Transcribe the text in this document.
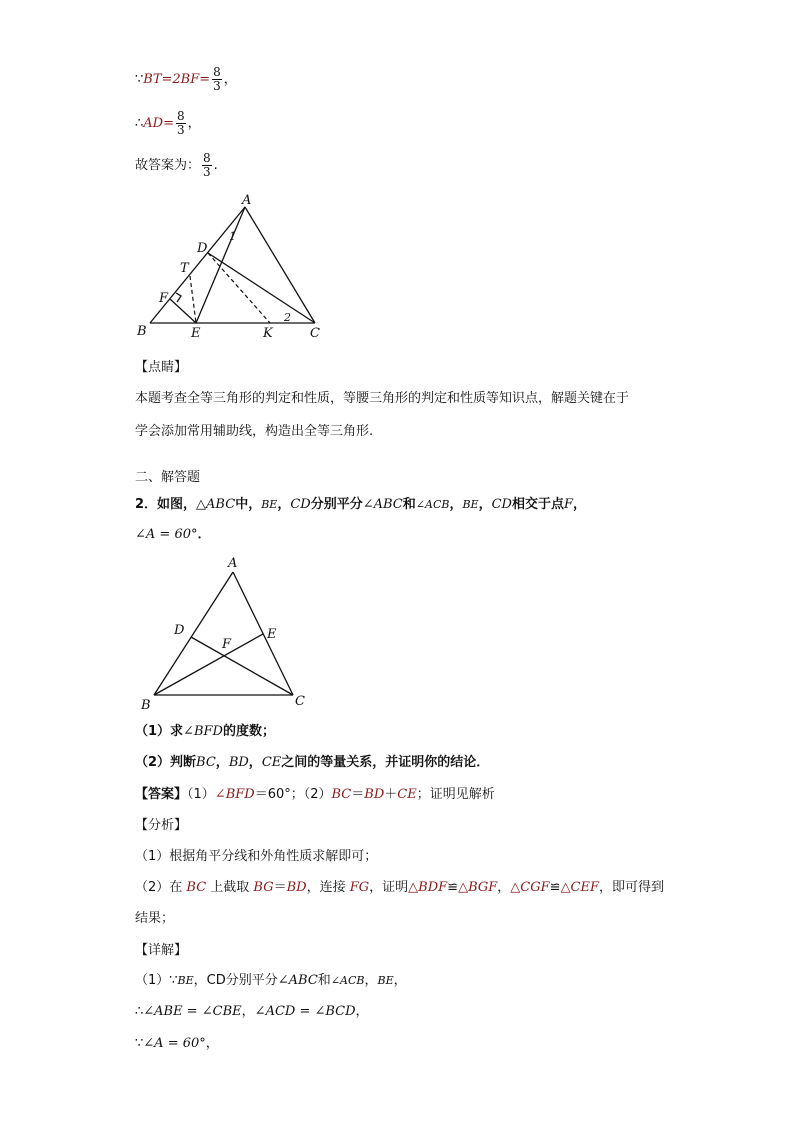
∵BT=2BF= $\frac{8}{3}$ ，
∴AD= $\frac{8}{3}$ ，
故答案为： $\frac{8}{3}$ .
A
1
D
T
F
B	E	K
2
C
【点睛】
本题考查全等三角形的判定和性质，等腰三角形的判定和性质等知识点，解题关键在于
学会添加常用辅助线，构造出全等三角形.
二、解答题
2．如图，△ABC中，BE，CD分别平分∠ABC和∠ACB，BE，CD相交于点F，
∠A = 60°．
A
D	E
F
B	C
（1）求∠BFD的度数；
（2）判断BC，BD，CE之间的等量关系，并证明你的结论．
【答案】（1）∠BFD＝60°；（2）BC＝BD＋CE；证明见解析
【分析】
（1）根据角平分线和外角性质求解即可；
（2）在 BC 上截取 BG＝BD，连接 FG，证明△BDF≌△BGF，△CGF≌△CEF，即可得到
结果；
【详解】
（1）∵BE，CD分别平分∠ABC和∠ACB，BE，
∴∠ABE = ∠CBE，∠ACD = ∠BCD，
∵∠A = 60°，
